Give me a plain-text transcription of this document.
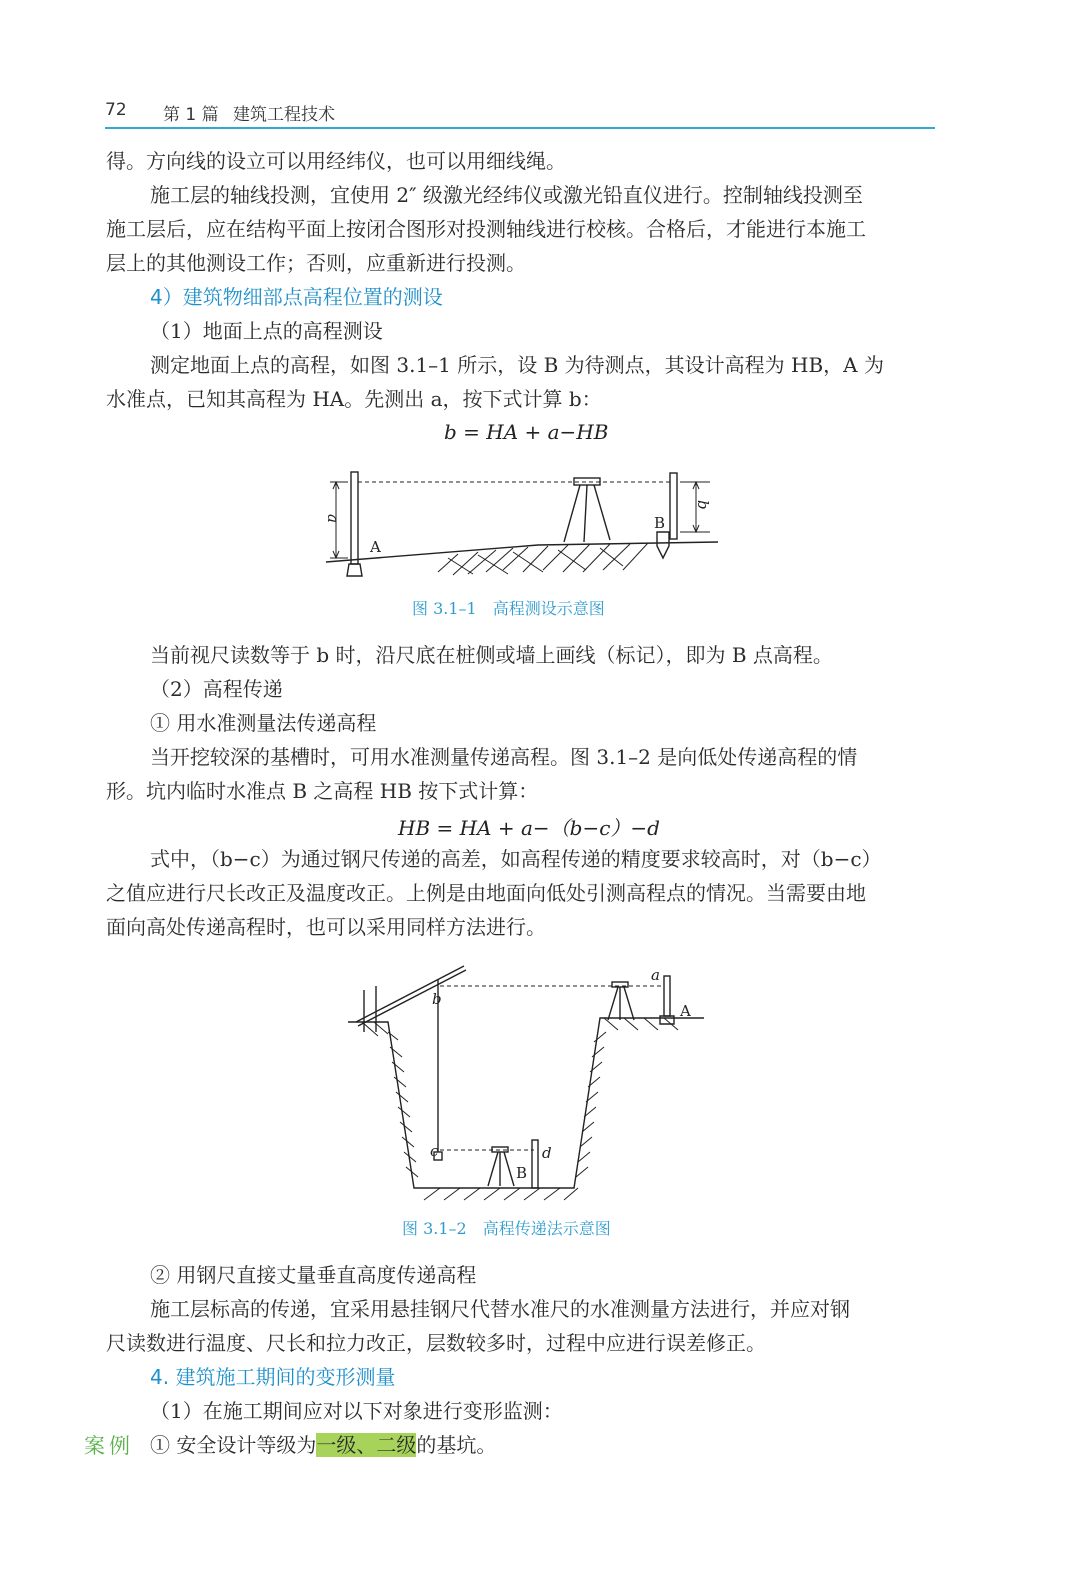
72 第 1 篇 建筑工程技术
得。方向线的设立可以用经纬仪，也可以用细线绳。
施工层的轴线投测，宜使用 2″ 级激光经纬仪或激光铅直仪进行。控制轴线投测至
施工层后，应在结构平面上按闭合图形对投测轴线进行校核。合格后，才能进行本施工
层上的其他测设工作；否则，应重新进行投测。
4）建筑物细部点高程位置的测设
（1）地面上点的高程测设
测定地面上点的高程，如图 3.1–1 所示，设 B 为待测点，其设计高程为 HB，A 为
水准点，已知其高程为 HA。先测出 a，按下式计算 b：
b = HA + a−HB
a
A
B
b
图 3.1–1　高程测设示意图
当前视尺读数等于 b 时，沿尺底在桩侧或墙上画线（标记），即为 B 点高程。
（2）高程传递
① 用水准测量法传递高程
当开挖较深的基槽时，可用水准测量传递高程。图 3.1–2 是向低处传递高程的情
形。坑内临时水准点 B 之高程 HB 按下式计算：
HB = HA + a−（b−c）−d
式中，（b−c）为通过钢尺传递的高差，如高程传递的精度要求较高时，对（b−c）
之值应进行尺长改正及温度改正。上例是由地面向低处引测高程点的情况。当需要由地
面向高处传递高程时，也可以采用同样方法进行。
b
a
A
c	d
B
图 3.1–2　高程传递法示意图
② 用钢尺直接丈量垂直高度传递高程
施工层标高的传递，宜采用悬挂钢尺代替水准尺的水准测量方法进行，并应对钢
尺读数进行温度、尺长和拉力改正，层数较多时，过程中应进行误差修正。
4. 建筑施工期间的变形测量
（1）在施工期间应对以下对象进行变形监测：
案例 ① 安全设计等级为一级、二级的基坑。
